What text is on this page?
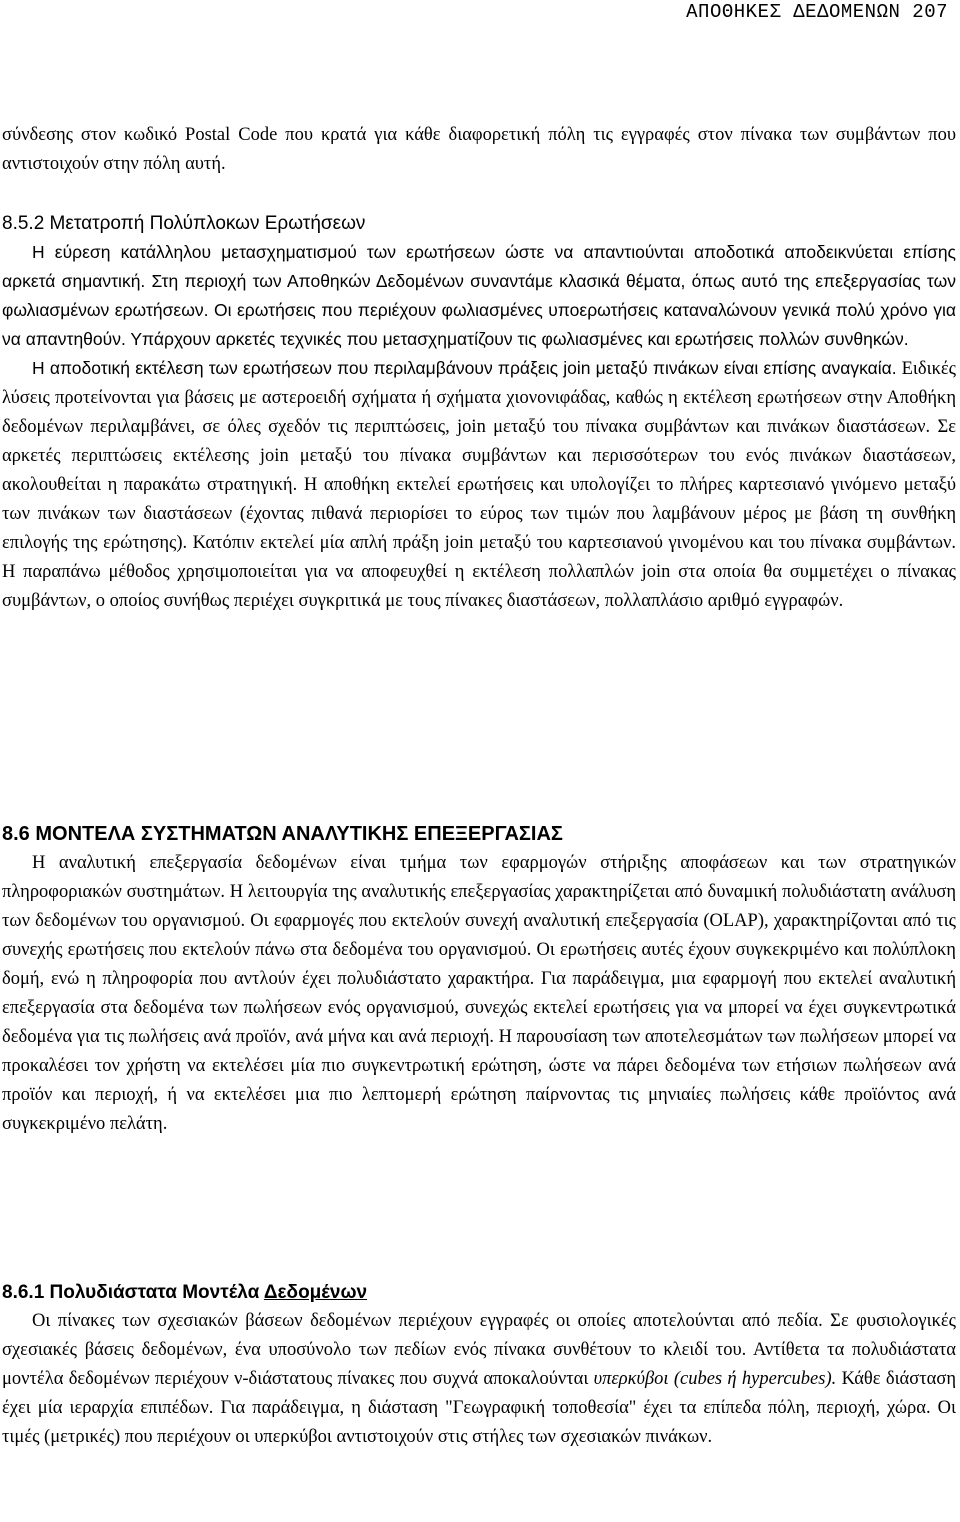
ΑΠΟΘΗΚΕΣ ΔΕΔΟΜΕΝΩΝ 207

σύνδεσης στον κωδικό Postal Code που κρατά για κάθε διαφορετική πόλη τις εγγραφές στον πίνακα των συμβάντων που αντιστοιχούν στην πόλη αυτή.

8.5.2 Μετατροπή Πολύπλοκων Ερωτήσεων

Η εύρεση κατάλληλου μετασχηματισμού των ερωτήσεων ώστε να απαντιούνται αποδοτικά αποδεικνύεται επίσης αρκετά σημαντική. Στη περιοχή των Αποθηκών Δεδομένων συναντάμε κλασικά θέματα, όπως αυτό της επεξεργασίας των φωλιασμένων ερωτήσεων. Οι ερωτήσεις που περιέχουν φωλιασμένες υποερωτήσεις καταναλώνουν γενικά πολύ χρόνο για να απαντηθούν. Υπάρχουν αρκετές τεχνικές που μετασχηματίζουν τις φωλιασμένες και ερωτήσεις πολλών συνθηκών.

Η αποδοτική εκτέλεση των ερωτήσεων που περιλαμβάνουν πράξεις join μεταξύ πινάκων είναι επίσης αναγκαία. Ειδικές λύσεις προτείνονται για βάσεις με αστεροειδή σχήματα ή σχήματα χιονονιφάδας, καθώς η εκτέλεση ερωτήσεων στην Αποθήκη δεδομένων περιλαμβάνει, σε όλες σχεδόν τις περιπτώσεις, join μεταξύ του πίνακα συμβάντων και πινάκων διαστάσεων. Σε αρκετές περιπτώσεις εκτέλεσης join μεταξύ του πίνακα συμβάντων και περισσότερων του ενός πινάκων διαστάσεων, ακολουθείται η παρακάτω στρατηγική. Η αποθήκη εκτελεί ερωτήσεις και υπολογίζει το πλήρες καρτεσιανό γινόμενο μεταξύ των πινάκων των διαστάσεων (έχοντας πιθανά περιορίσει το εύρος των τιμών που λαμβάνουν μέρος με βάση τη συνθήκη επιλογής της ερώτησης). Κατόπιν εκτελεί μία απλή πράξη join μεταξύ του καρτεσιανού γινομένου και του πίνακα συμβάντων. Η παραπάνω μέθοδος χρησιμοποιείται για να αποφευχθεί η εκτέλεση πολλαπλών join στα οποία θα συμμετέχει ο πίνακας συμβάντων, ο οποίος συνήθως περιέχει συγκριτικά με τους πίνακες διαστάσεων, πολλαπλάσιο αριθμό εγγραφών.

8.6 ΜΟΝΤΕΛΑ ΣΥΣΤΗΜΑΤΩΝ ΑΝΑΛΥΤΙΚΗΣ ΕΠΕΞΕΡΓΑΣΙΑΣ

Η αναλυτική επεξεργασία δεδομένων είναι τμήμα των εφαρμογών στήριξης αποφάσεων και των στρατηγικών πληροφοριακών συστημάτων. Η λειτουργία της αναλυτικής επεξεργασίας χαρακτηρίζεται από δυναμική πολυδιάστατη ανάλυση των δεδομένων του οργανισμού. Οι εφαρμογές που εκτελούν συνεχή αναλυτική επεξεργασία (OLAP), χαρακτηρίζονται από τις συνεχής ερωτήσεις που εκτελούν πάνω στα δεδομένα του οργανισμού. Οι ερωτήσεις αυτές έχουν συγκεκριμένο και πολύπλοκη δομή, ενώ η πληροφορία που αντλούν έχει πολυδιάστατο χαρακτήρα. Για παράδειγμα, μια εφαρμογή που εκτελεί αναλυτική επεξεργασία στα δεδομένα των πωλήσεων ενός οργανισμού, συνεχώς εκτελεί ερωτήσεις για να μπορεί να έχει συγκεντρωτικά δεδομένα για τις πωλήσεις ανά προϊόν, ανά μήνα και ανά περιοχή. Η παρουσίαση των αποτελεσμάτων των πωλήσεων μπορεί να προκαλέσει τον χρήστη να εκτελέσει μία πιο συγκεντρωτική ερώτηση, ώστε να πάρει δεδομένα των ετήσιων πωλήσεων ανά προϊόν και περιοχή, ή να εκτελέσει μια πιο λεπτομερή ερώτηση παίρνοντας τις μηνιαίες πωλήσεις κάθε προϊόντος ανά συγκεκριμένο πελάτη.

8.6.1 Πολυδιάστατα Μοντέλα Δεδομένων

Οι πίνακες των σχεσιακών βάσεων δεδομένων περιέχουν εγγραφές οι οποίες αποτελούνται από πεδία. Σε φυσιολογικές σχεσιακές βάσεις δεδομένων, ένα υποσύνολο των πεδίων ενός πίνακα συνθέτουν το κλειδί του. Αντίθετα τα πολυδιάστατα μοντέλα δεδομένων περιέχουν ν-διάστατους πίνακες που συχνά αποκαλούνται υπερκύβοι (cubes ή hypercubes). Κάθε διάσταση έχει μία ιεραρχία επιπέδων. Για παράδειγμα, η διάσταση "Γεωγραφική τοποθεσία" έχει τα επίπεδα πόλη, περιοχή, χώρα. Οι τιμές (μετρικές) που περιέχουν οι υπερκύβοι αντιστοιχούν στις στήλες των σχεσιακών πινάκων.
